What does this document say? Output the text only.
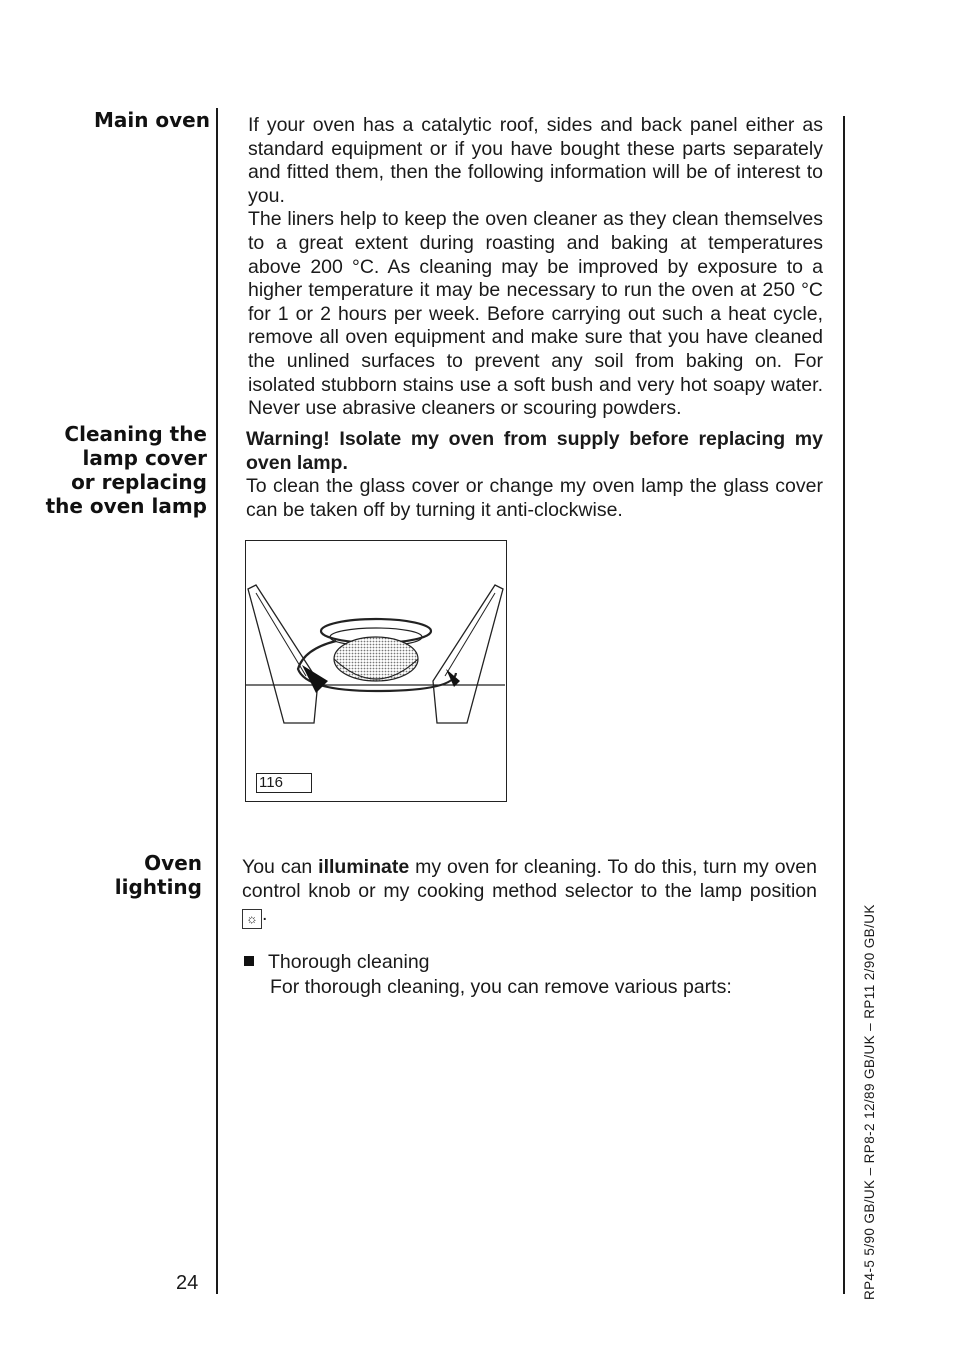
Main oven If your oven has a catalytic roof, sides and back panel either as standard equipment or if you have bought these parts separately and fitted them, then the following information will be of interest to you.

The liners help to keep the oven cleaner as they clean themselves to a great extent during roasting and baking at temperatures above 200 °C. As cleaning may be improved by exposure to a higher temperature it may be necessary to run the oven at 250 °C for 1 or 2 hours per week. Before carrying out such a heat cycle, remove all oven equipment and make sure that you have cleaned the unlined surfaces to prevent any soil from baking on. For isolated stubborn stains use a soft bush and very hot soapy water. Never use abrasive cleaners or scouring powders.

Cleaning the
lamp cover
or replacing
the oven lamp

Warning! Isolate my oven from supply before replacing my oven lamp.

To clean the glass cover or change my oven lamp the glass cover can be taken off by turning it anti-clockwise.

116
Oven
lighting

You can illuminate my oven for cleaning. To do this, turn my oven control knob or my cooking method selector to the lamp position ☼ .

Thorough cleaning
For thorough cleaning, you can remove various parts:
24	RP4-5 5/90 GB/UK – RP8-2 12/89 GB/UK – RP11 2/90 GB/UK
